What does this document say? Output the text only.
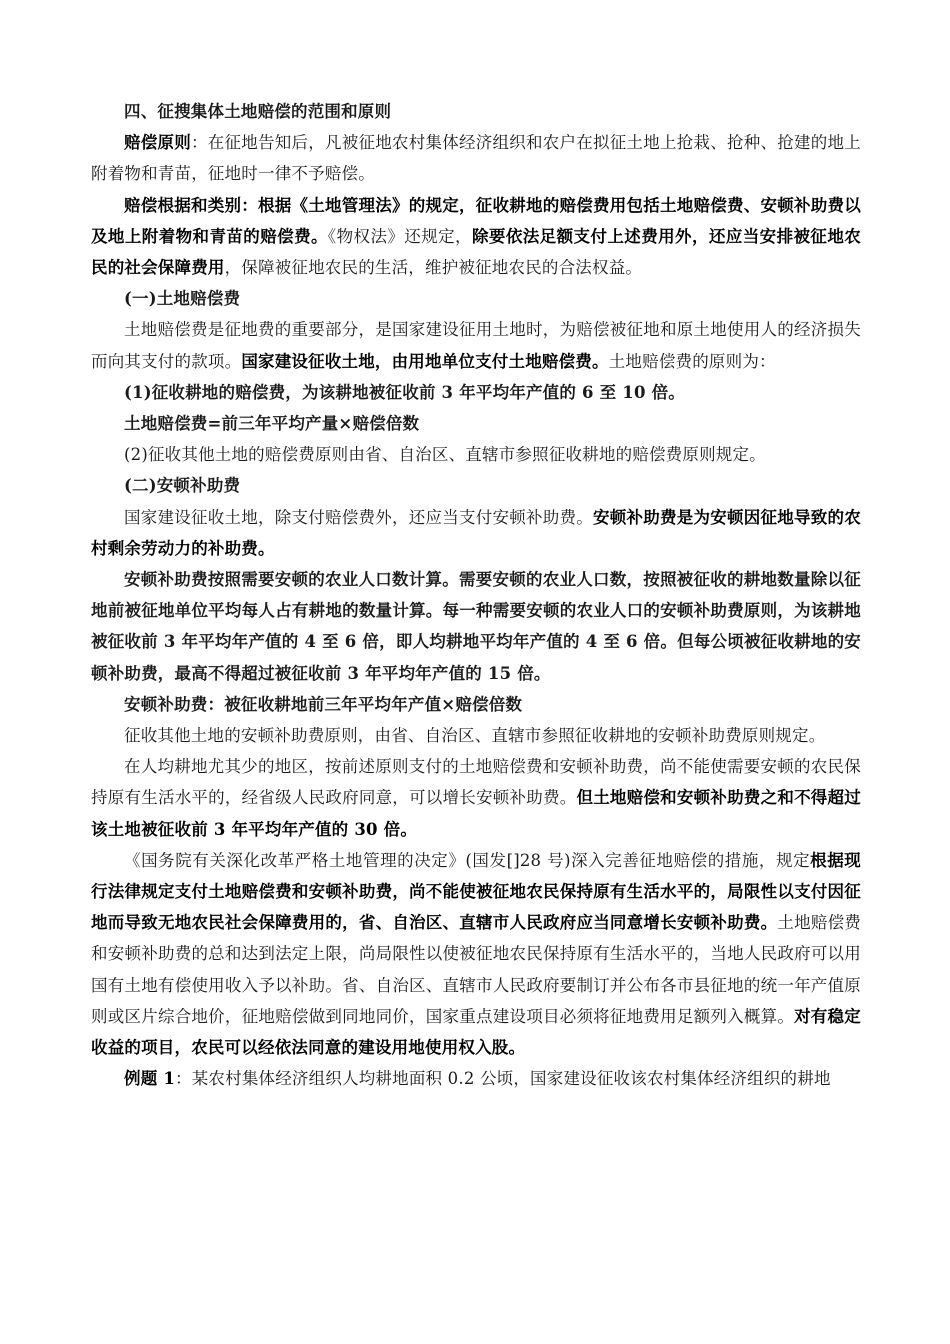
四、征搜集体土地赔偿的范围和原则

赔偿原则：在征地告知后，凡被征地农村集体经济组织和农户在拟征土地上抢栽、抢种、抢建的地上附着物和青苗，征地时一律不予赔偿。

赔偿根据和类别：根据《土地管理法》的规定，征收耕地的赔偿费用包括土地赔偿费、安顿补助费以及地上附着物和青苗的赔偿费。《物权法》还规定，除要依法足额支付上述费用外，还应当安排被征地农民的社会保障费用，保障被征地农民的生活，维护被征地农民的合法权益。

(一)土地赔偿费

土地赔偿费是征地费的重要部分，是国家建设征用土地时，为赔偿被征地和原土地使用人的经济损失而向其支付的款项。国家建设征收土地，由用地单位支付土地赔偿费。土地赔偿费的原则为：

(1)征收耕地的赔偿费，为该耕地被征收前 3 年平均年产值的 6 至 10 倍。

土地赔偿费=前三年平均产量×赔偿倍数

(2)征收其他土地的赔偿费原则由省、自治区、直辖市参照征收耕地的赔偿费原则规定。

(二)安顿补助费

国家建设征收土地，除支付赔偿费外，还应当支付安顿补助费。安顿补助费是为安顿因征地导致的农村剩余劳动力的补助费。

安顿补助费按照需要安顿的农业人口数计算。需要安顿的农业人口数，按照被征收的耕地数量除以征地前被征地单位平均每人占有耕地的数量计算。每一种需要安顿的农业人口的安顿补助费原则，为该耕地被征收前 3 年平均年产值的 4 至 6 倍，即人均耕地平均年产值的 4 至 6 倍。但每公顷被征收耕地的安顿补助费，最高不得超过被征收前 3 年平均年产值的 15 倍。

安顿补助费：被征收耕地前三年平均年产值×赔偿倍数

征收其他土地的安顿补助费原则，由省、自治区、直辖市参照征收耕地的安顿补助费原则规定。

在人均耕地尤其少的地区，按前述原则支付的土地赔偿费和安顿补助费，尚不能使需要安顿的农民保持原有生活水平的，经省级人民政府同意，可以增长安顿补助费。但土地赔偿和安顿补助费之和不得超过该土地被征收前 3 年平均年产值的 30 倍。

《国务院有关深化改革严格土地管理的决定》(国发[]28 号)深入完善征地赔偿的措施，规定根据现行法律规定支付土地赔偿费和安顿补助费，尚不能使被征地农民保持原有生活水平的，局限性以支付因征地而导致无地农民社会保障费用的，省、自治区、直辖市人民政府应当同意增长安顿补助费。土地赔偿费和安顿补助费的总和达到法定上限，尚局限性以使被征地农民保持原有生活水平的，当地人民政府可以用国有土地有偿使用收入予以补助。省、自治区、直辖市人民政府要制订并公布各市县征地的统一年产值原则或区片综合地价，征地赔偿做到同地同价，国家重点建设项目必须将征地费用足额列入概算。对有稳定收益的项目，农民可以经依法同意的建设用地使用权入股。

例题 1：某农村集体经济组织人均耕地面积 0.2 公顷，国家建设征收该农村集体经济组织的耕地
